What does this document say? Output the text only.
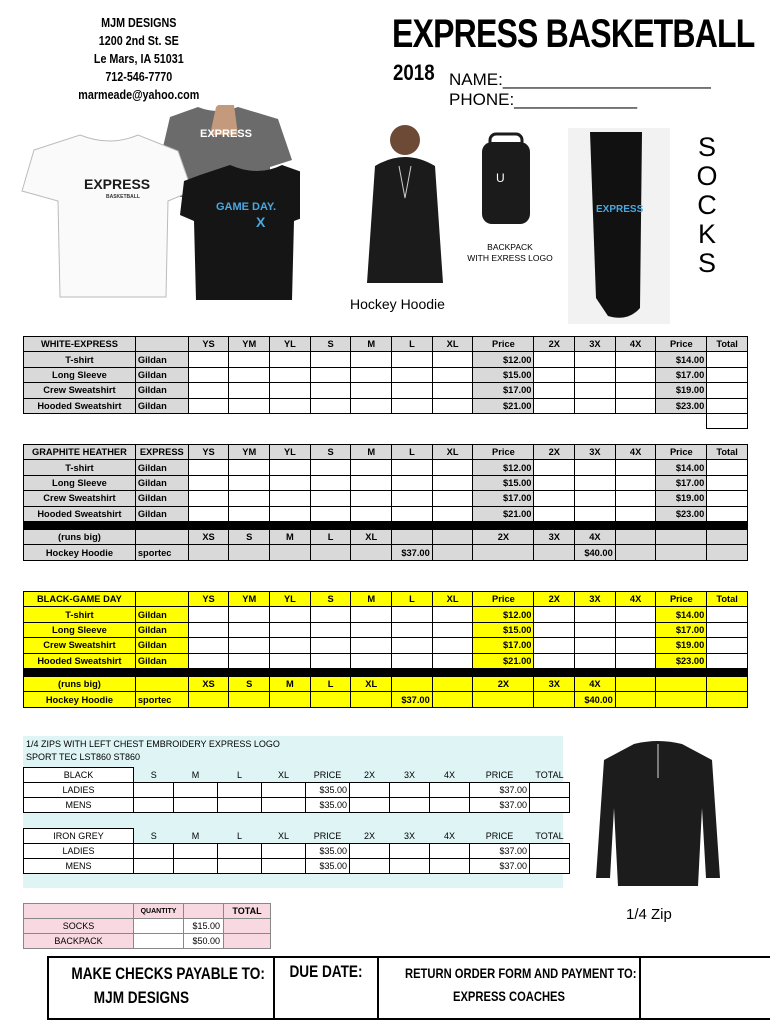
MJM DESIGNS
1200 2nd St. SE
Le Mars, IA 51031
712-546-7770
marmeade@yahoo.com
EXPRESS BASKETBALL
2018 NAME:______________________
PHONE:_____________
EXPRESS
EXPRESS
BASKETBALL
GAME DAY.
X
U
BACKPACK
WITH EXRESS LOGO
Hockey Hoodie
EXPRESS
S
O
C
K
S
WHITE-EXPRESS		YS	YM	YL	S	M	L	XL	Price	2X	3X	4X	Price	Total
T-shirt	Gildan								$12.00				$14.00	
Long Sleeve	Gildan								$15.00				$17.00	
Crew Sweatshirt	Gildan								$17.00				$19.00	
Hooded Sweatshirt	Gildan								$21.00				$23.00	

GRAPHITE HEATHER	EXPRESS	YS	YM	YL	S	M	L	XL	Price	2X	3X	4X	Price	Total
T-shirt	Gildan								$12.00				$14.00	
Long Sleeve	Gildan								$15.00				$17.00	
Crew Sweatshirt	Gildan								$17.00				$19.00	
Hooded Sweatshirt	Gildan								$21.00				$23.00	

(runs big)		XS	S	M	L	XL			2X	3X	4X			
Hockey Hoodie	sportec						$37.00				$40.00			
BLACK-GAME DAY		YS	YM	YL	S	M	L	XL	Price	2X	3X	4X	Price	Total
T-shirt	Gildan								$12.00				$14.00	
Long Sleeve	Gildan								$15.00				$17.00	
Crew Sweatshirt	Gildan								$17.00				$19.00	
Hooded Sweatshirt	Gildan								$21.00				$23.00	

(runs big)		XS	S	M	L	XL			2X	3X	4X			
Hockey Hoodie	sportec						$37.00				$40.00			
1/4 ZIPS WITH LEFT CHEST EMBROIDERY EXPRESS LOGO
SPORT TEC LST860 ST860
BLACK	S	M	L	XL	PRICE	2X	3X	4X	PRICE	TOTAL	
LADIES					$35.00				$37.00		
MENS					$35.00				$37.00		
IRON GREY	S	M	L	XL	PRICE	2X	3X	4X	PRICE	TOTAL	
LADIES					$35.00				$37.00		
MENS					$35.00				$37.00		
1/4 Zip
	QUANTITY		TOTAL
SOCKS		$15.00	
BACKPACK		$50.00	
MAKE CHECKS PAYABLE TO:
MJM DESIGNS
DUE DATE:	RETURN ORDER FORM AND PAYMENT TO:
EXPRESS COACHES
